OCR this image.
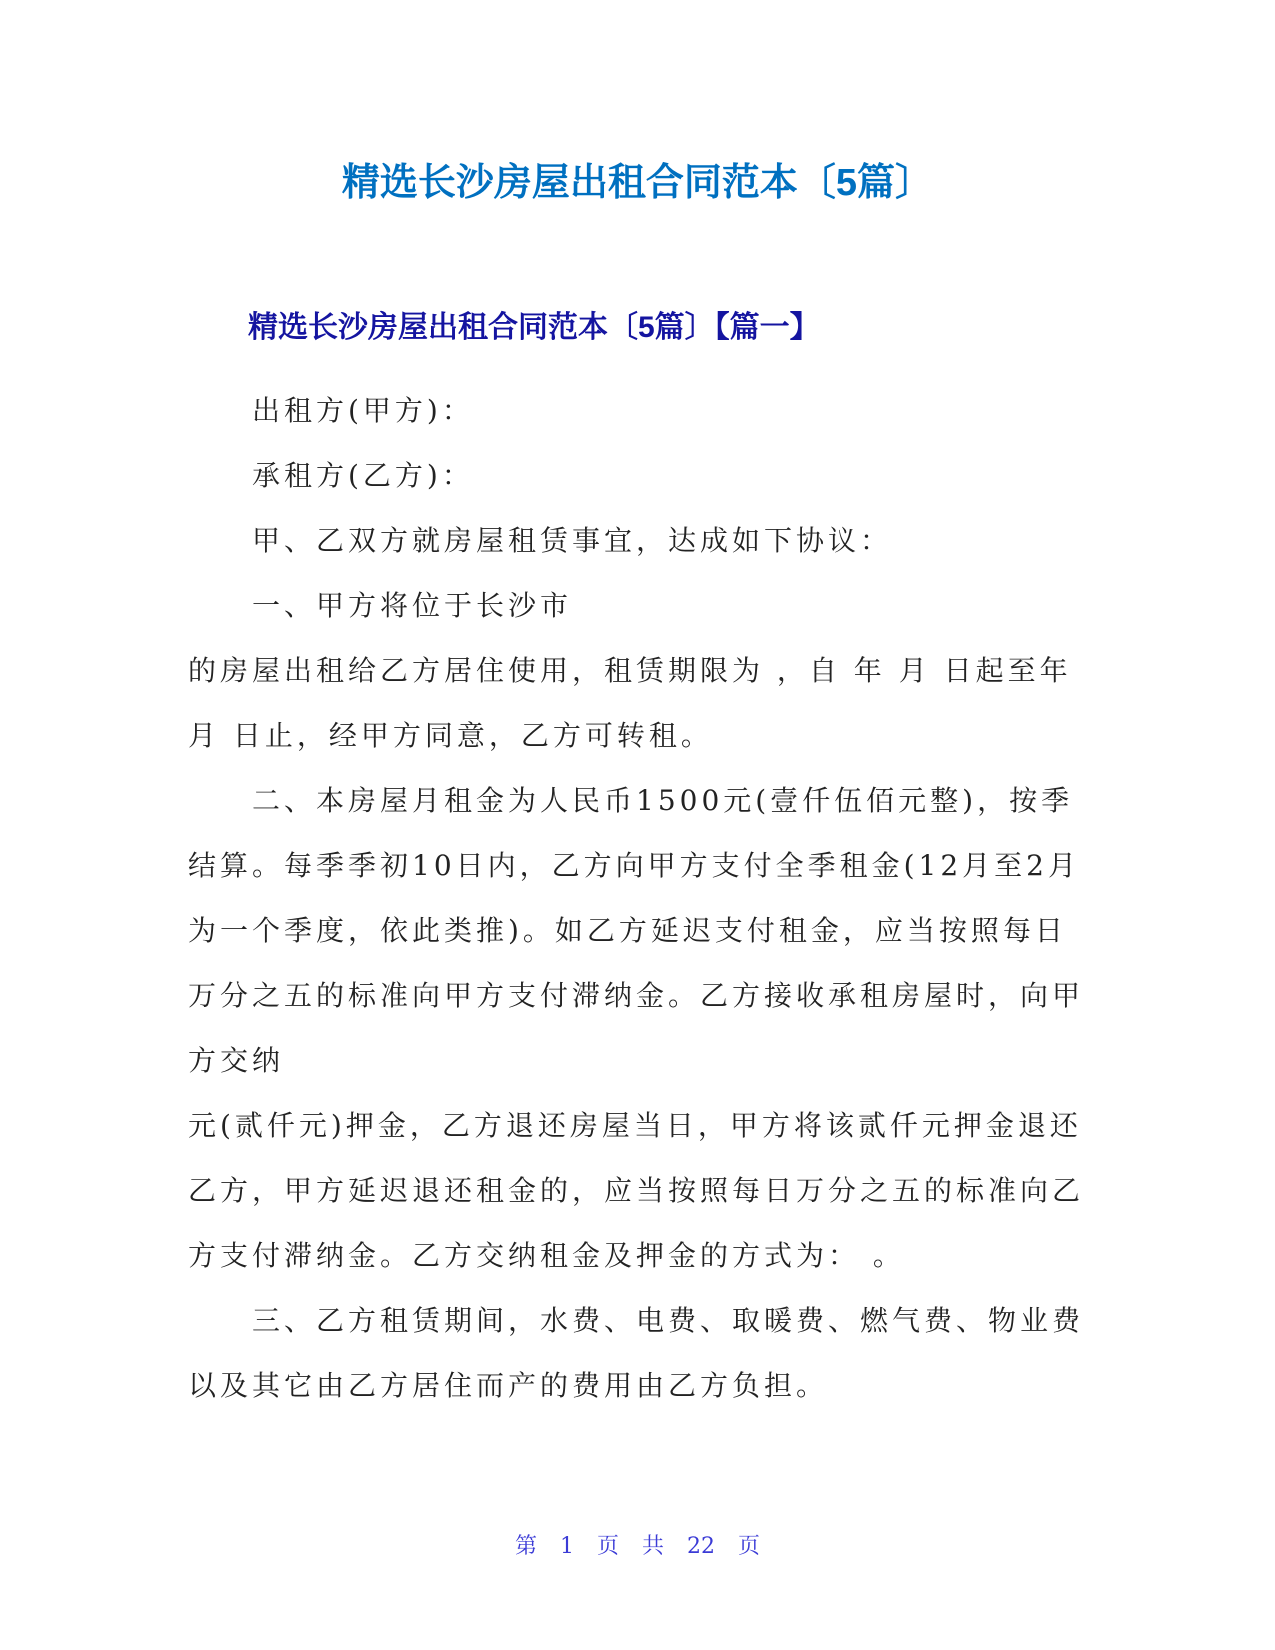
精选长沙房屋出租合同范本〔5篇〕
精选长沙房屋出租合同范本〔5篇〕【篇一】

出租方(甲方)：

承租方(乙方)：

甲、乙双方就房屋租赁事宜，达成如下协议：

一、甲方将位于长沙市

的房屋出租给乙方居住使用，租赁期限为 ，自 年 月 日起至年 月 日止，经甲方同意，乙方可转租。

二、本房屋月租金为人民币1500元(壹仟伍佰元整)，按季结算。每季季初10日内，乙方向甲方支付全季租金(12月至2月为一个季度，依此类推)。如乙方延迟支付租金，应当按照每日万分之五的标准向甲方支付滞纳金。乙方接收承租房屋时，向甲方交纳

元(贰仟元)押金，乙方退还房屋当日，甲方将该贰仟元押金退还乙方，甲方延迟退还租金的，应当按照每日万分之五的标准向乙方支付滞纳金。乙方交纳租金及押金的方式为： 。

三、乙方租赁期间，水费、电费、取暖费、燃气费、物业费以及其它由乙方居住而产的费用由乙方负担。

第 1 页 共 22 页
